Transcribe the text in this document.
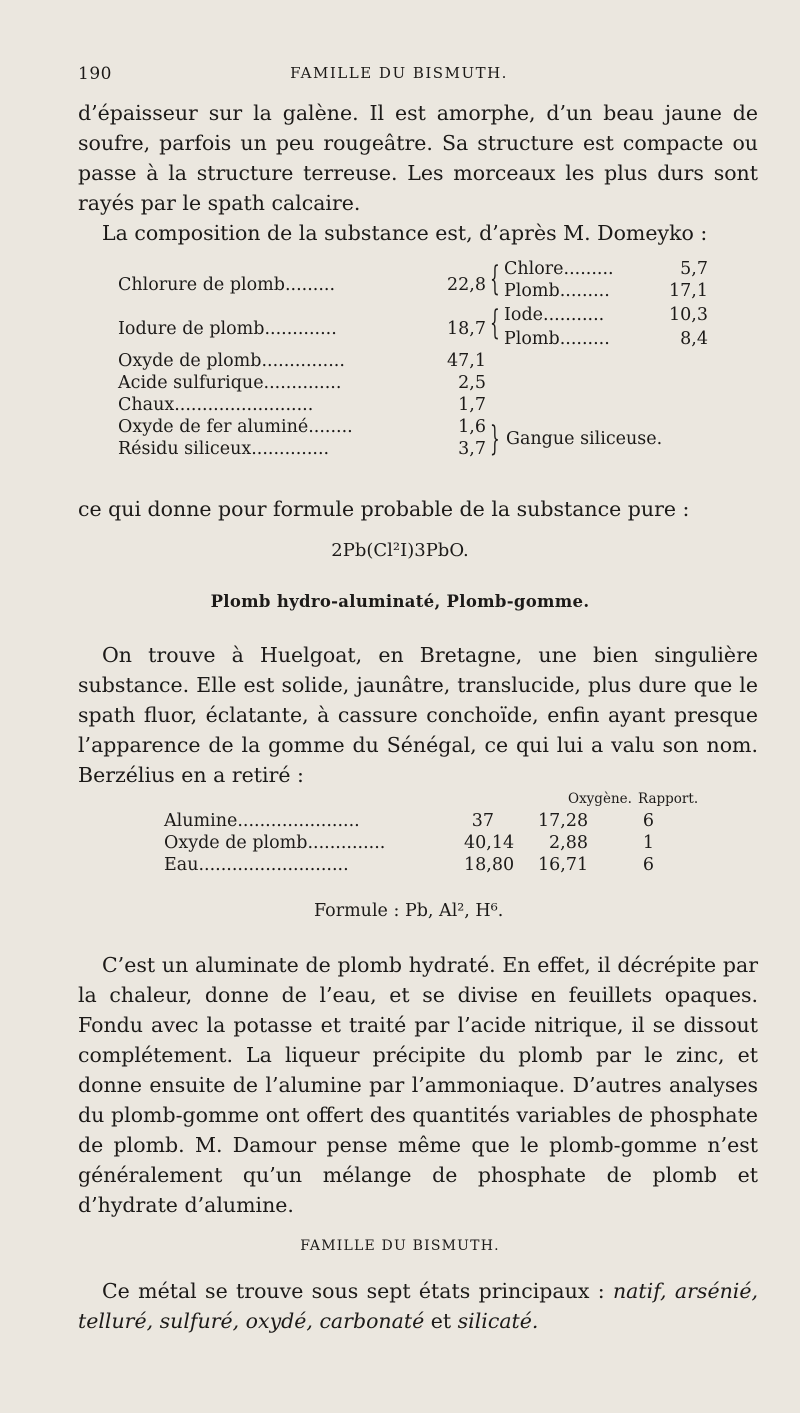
190	FAMILLE DU BISMUTH.
d’épaisseur sur la galène. Il est amorphe, d’un beau jaune de soufre, parfois un peu rougeâtre. Sa structure est compacte ou passe à la structure terreuse. Les morceaux les plus durs sont rayés par le spath calcaire.
La composition de la substance est, d’après M. Domeyko :
Chlorure de plomb.........	22,8 { Chlore.........	5,7
Plomb.........	17,1
Iodure de plomb.............	18,7 { Iode...........	10,3
Plomb.........	8,4
Oxyde de plomb...............	47,1
Acide sulfurique..............	2,5
Chaux.........................	1,7
Oxyde de fer aluminé........	1,6
Résidu siliceux..............	3,7 } Gangue siliceuse.
ce qui donne pour formule probable de la substance pure :
2Pb(Cl²I)3PbO.
Plomb hydro-aluminaté, Plomb-gomme.
On trouve à Huelgoat, en Bretagne, une bien singulière substance. Elle est solide, jaunâtre, translucide, plus dure que le spath fluor, éclatante, à cassure conchoïde, enfin ayant presque l’apparence de la gomme du Sénégal, ce qui lui a valu son nom. Berzélius en a retiré :
Oxygène. Rapport.
Alumine......................	37	17,28	6
Oxyde de plomb..............	40,14	2,88	1
Eau...........................	18,80 16,71	6
Formule : Pb, Al², H⁶.
C’est un aluminate de plomb hydraté. En effet, il décrépite par la chaleur, donne de l’eau, et se divise en feuillets opaques. Fondu avec la potasse et traité par l’acide nitrique, il se dissout complétement. La liqueur précipite du plomb par le zinc, et donne ensuite de l’alumine par l’ammoniaque. D’autres analyses du plomb-gomme ont offert des quantités variables de phosphate de plomb. M. Damour pense même que le plomb-gomme n’est généralement qu’un mélange de phosphate de plomb et d’hydrate d’alumine.
FAMILLE DU BISMUTH.
Ce métal se trouve sous sept états principaux : natif, arsénié, telluré, sulfuré, oxydé, carbonaté et silicaté.
